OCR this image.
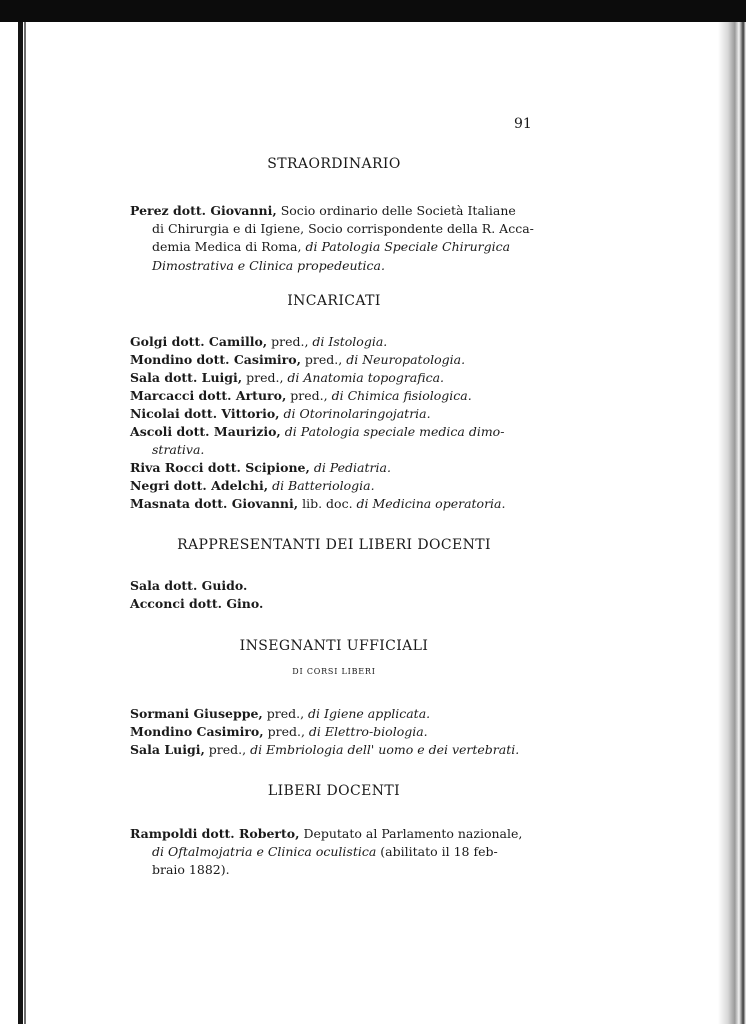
91
STRAORDINARIO
Perez dott. Giovanni, Socio ordinario delle Società Italiane
di Chirurgia e di Igiene, Socio corrispondente della R. Acca-
demia Medica di Roma, di Patologia Speciale Chirurgica
Dimostrativa e Clinica propedeutica.
INCARICATI
Golgi dott. Camillo, pred., di Istologia.
Mondino dott. Casimiro, pred., di Neuropatologia.
Sala dott. Luigi, pred., di Anatomia topografica.
Marcacci dott. Arturo, pred., di Chimica fisiologica.
Nicolai dott. Vittorio, di Otorinolaringojatria.
Ascoli dott. Maurizio, di Patologia speciale medica dimo-
strativa.
Riva Rocci dott. Scipione, di Pediatria.
Negri dott. Adelchi, di Batteriologia.
Masnata dott. Giovanni, lib. doc. di Medicina operatoria.
RAPPRESENTANTI DEI LIBERI DOCENTI
Sala dott. Guido.
Acconci dott. Gino.
INSEGNANTI UFFICIALI
DI CORSI LIBERI
Sormani Giuseppe, pred., di Igiene applicata.
Mondino Casimiro, pred., di Elettro-biologia.
Sala Luigi, pred., di Embriologia dell' uomo e dei vertebrati.
LIBERI DOCENTI
Rampoldi dott. Roberto, Deputato al Parlamento nazionale,
di Oftalmojatria e Clinica oculistica (abilitato il 18 feb-
braio 1882).
